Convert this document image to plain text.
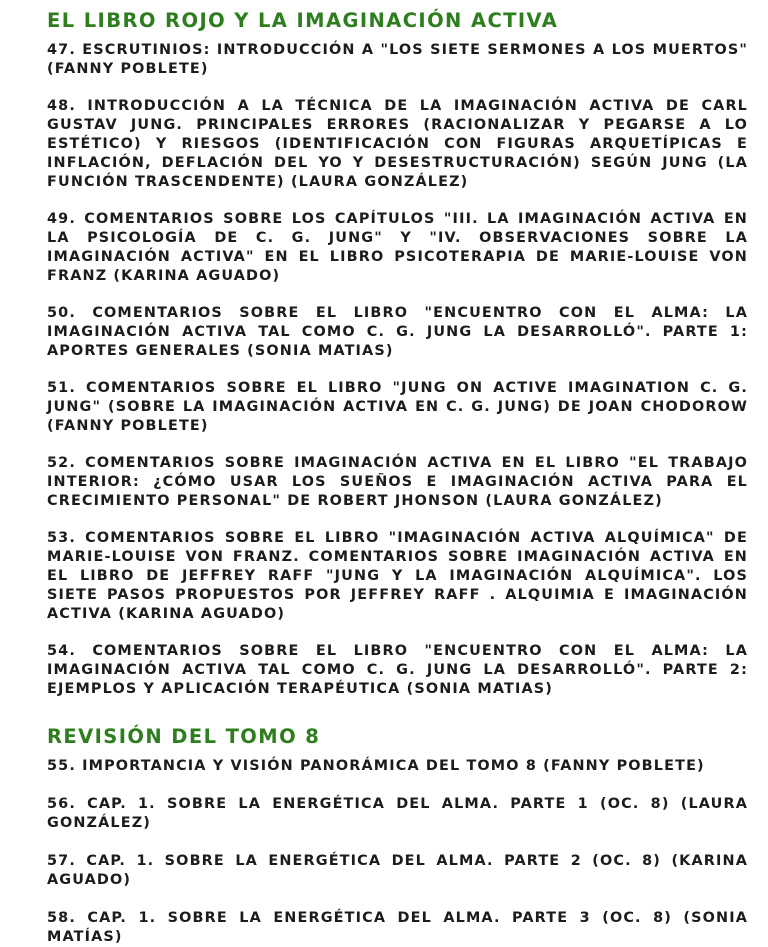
EL LIBRO ROJO Y LA IMAGINACIÓN ACTIVA

47. ESCRUTINIOS: INTRODUCCIÓN A "LOS SIETE SERMONES A LOS MUERTOS" (FANNY POBLETE)

48. INTRODUCCIÓN A LA TÉCNICA DE LA IMAGINACIÓN ACTIVA DE CARL GUSTAV JUNG. PRINCIPALES ERRORES (RACIONALIZAR Y PEGARSE A LO ESTÉTICO) Y RIESGOS (IDENTIFICACIÓN CON FIGURAS ARQUETÍPICAS E INFLACIÓN, DEFLACIÓN DEL YO Y DESESTRUCTURACIÓN) SEGÚN JUNG (LA FUNCIÓN TRASCENDENTE) (LAURA GONZÁLEZ)

49. COMENTARIOS SOBRE LOS CAPÍTULOS "III. LA IMAGINACIÓN ACTIVA EN LA PSICOLOGÍA DE C. G. JUNG" Y "IV. OBSERVACIONES SOBRE LA IMAGINACIÓN ACTIVA" EN EL LIBRO PSICOTERAPIA DE MARIE-LOUISE VON FRANZ (KARINA AGUADO)

50. COMENTARIOS SOBRE EL LIBRO "ENCUENTRO CON EL ALMA: LA IMAGINACIÓN ACTIVA TAL COMO C. G. JUNG LA DESARROLLÓ". PARTE 1: APORTES GENERALES (SONIA MATIAS)

51. COMENTARIOS SOBRE EL LIBRO "JUNG ON ACTIVE IMAGINATION C. G. JUNG" (SOBRE LA IMAGINACIÓN ACTIVA EN C. G. JUNG) DE JOAN CHODOROW (FANNY POBLETE)

52. COMENTARIOS SOBRE IMAGINACIÓN ACTIVA EN EL LIBRO "EL TRABAJO INTERIOR: ¿CÓMO USAR LOS SUEÑOS E IMAGINACIÓN ACTIVA PARA EL CRECIMIENTO PERSONAL" DE ROBERT JHONSON (LAURA GONZÁLEZ)

53. COMENTARIOS SOBRE EL LIBRO "IMAGINACIÓN ACTIVA ALQUÍMICA" DE MARIE-LOUISE VON FRANZ. COMENTARIOS SOBRE IMAGINACIÓN ACTIVA EN EL LIBRO DE JEFFREY RAFF "JUNG Y LA IMAGINACIÓN ALQUÍMICA". LOS SIETE PASOS PROPUESTOS POR JEFFREY RAFF . ALQUIMIA E IMAGINACIÓN ACTIVA (KARINA AGUADO)

54. COMENTARIOS SOBRE EL LIBRO "ENCUENTRO CON EL ALMA: LA IMAGINACIÓN ACTIVA TAL COMO C. G. JUNG LA DESARROLLÓ". PARTE 2: EJEMPLOS Y APLICACIÓN TERAPÉUTICA (SONIA MATIAS)

REVISIÓN DEL TOMO 8

55. IMPORTANCIA Y VISIÓN PANORÁMICA DEL TOMO 8 (FANNY POBLETE)

56. CAP. 1. SOBRE LA ENERGÉTICA DEL ALMA. PARTE 1 (OC. 8) (LAURA GONZÁLEZ)

57. CAP. 1. SOBRE LA ENERGÉTICA DEL ALMA. PARTE 2 (OC. 8) (KARINA AGUADO)

58. CAP. 1. SOBRE LA ENERGÉTICA DEL ALMA. PARTE 3 (OC. 8) (SONIA MATÍAS)
